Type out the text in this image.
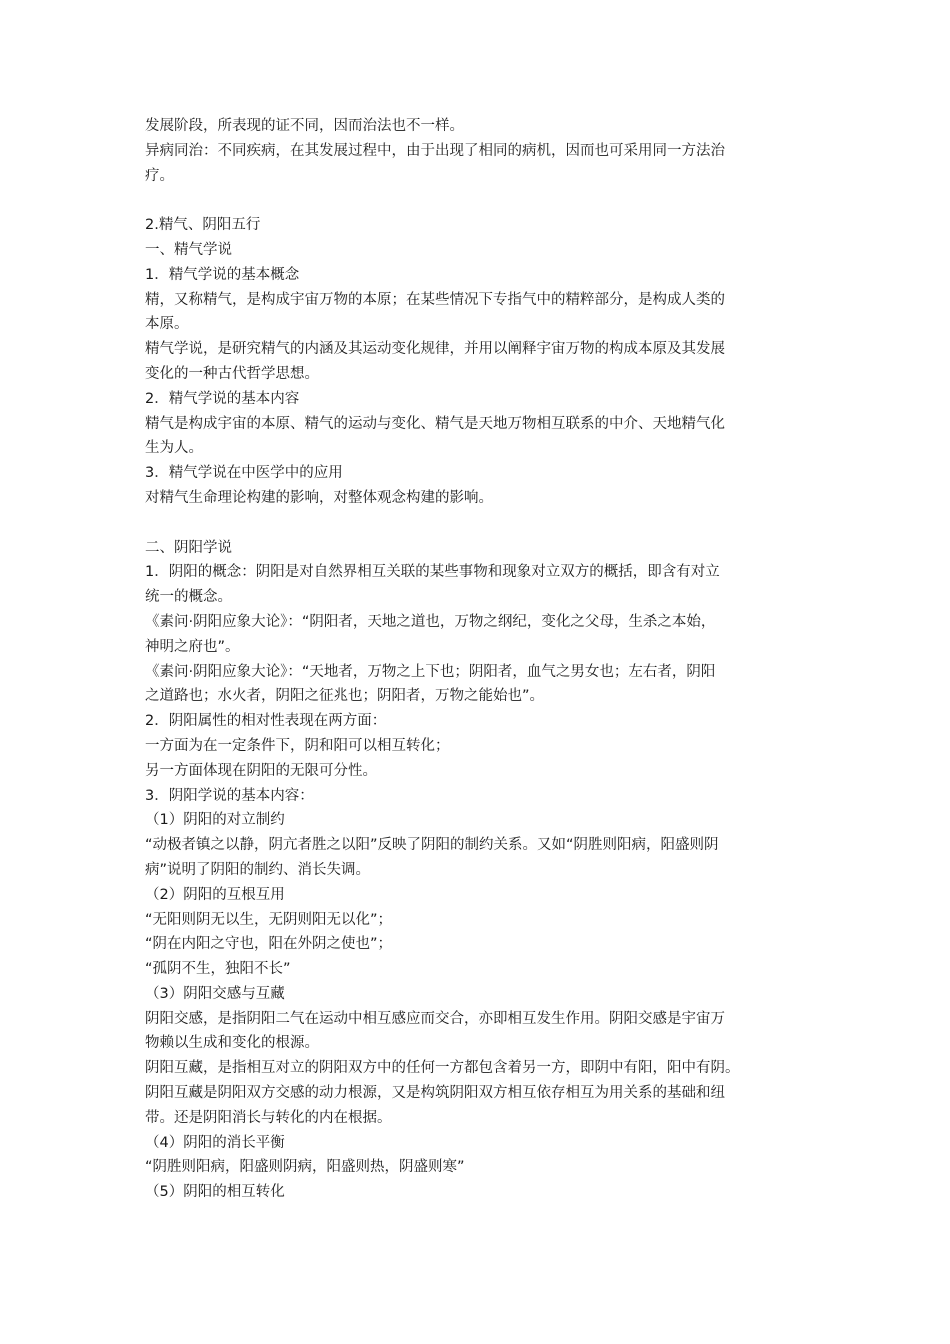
发展阶段，所表现的证不同，因而治法也不一样。
异病同治：不同疾病，在其发展过程中，由于出现了相同的病机，因而也可采用同一方法治
疗。
2.精气、阴阳五行
一、精气学说
1．精气学说的基本概念
精，又称精气，是构成宇宙万物的本原；在某些情况下专指气中的精粹部分，是构成人类的
本原。
精气学说，是研究精气的内涵及其运动变化规律，并用以阐释宇宙万物的构成本原及其发展
变化的一种古代哲学思想。
2．精气学说的基本内容
精气是构成宇宙的本原、精气的运动与变化、精气是天地万物相互联系的中介、天地精气化
生为人。
3．精气学说在中医学中的应用
对精气生命理论构建的影响，对整体观念构建的影响。
二、阴阳学说
1．阴阳的概念：阴阳是对自然界相互关联的某些事物和现象对立双方的概括，即含有对立
统一的概念。
《素问·阴阳应象大论》：“阴阳者，天地之道也，万物之纲纪，变化之父母，生杀之本始，
神明之府也”。
《素问·阴阳应象大论》：“天地者，万物之上下也；阴阳者，血气之男女也；左右者，阴阳
之道路也；水火者，阴阳之征兆也；阴阳者，万物之能始也”。
2．阴阳属性的相对性表现在两方面：
一方面为在一定条件下，阴和阳可以相互转化；
另一方面体现在阴阳的无限可分性。
3．阴阳学说的基本内容：
（1）阴阳的对立制约
“动极者镇之以静，阴亢者胜之以阳”反映了阴阳的制约关系。又如“阴胜则阳病，阳盛则阴
病”说明了阴阳的制约、消长失调。
（2）阴阳的互根互用
“无阳则阴无以生，无阴则阳无以化”；
“阴在内阳之守也，阳在外阴之使也”；
“孤阴不生，独阳不长”
（3）阴阳交感与互藏
阴阳交感，是指阴阳二气在运动中相互感应而交合，亦即相互发生作用。阴阳交感是宇宙万
物赖以生成和变化的根源。
阴阳互藏，是指相互对立的阴阳双方中的任何一方都包含着另一方，即阴中有阳，阳中有阴。
阴阳互藏是阴阳双方交感的动力根源，又是构筑阴阳双方相互依存相互为用关系的基础和纽
带。还是阴阳消长与转化的内在根据。
（4）阴阳的消长平衡
“阴胜则阳病，阳盛则阴病，阳盛则热，阴盛则寒”
（5）阴阳的相互转化
